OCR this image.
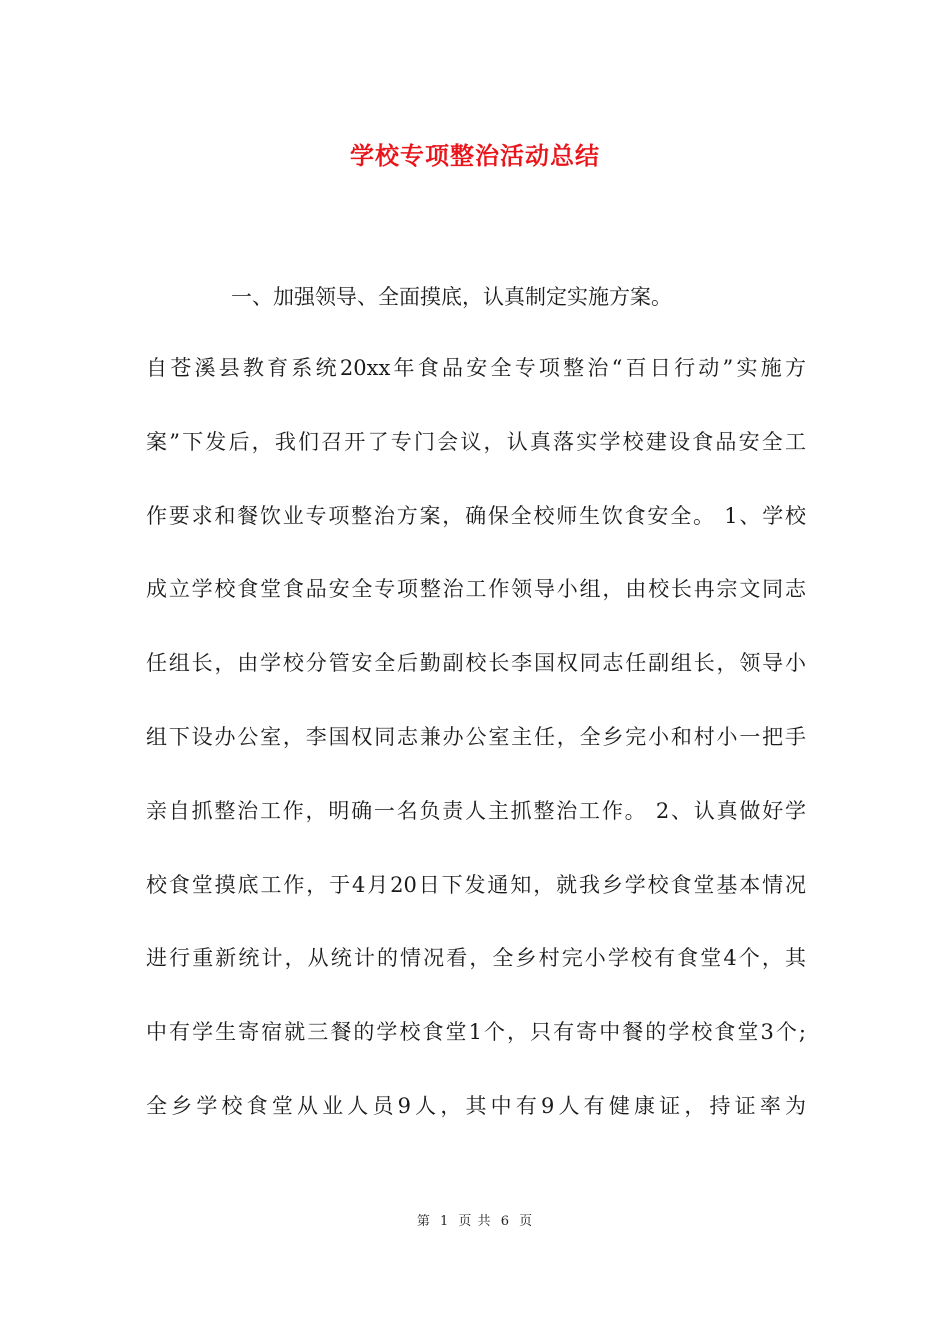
学校专项整治活动总结

一、加强领导、全面摸底，认真制定实施方案。

自苍溪县教育系统20xx年食品安全专项整治“百日行动”实施方
案”下发后，我们召开了专门会议，认真落实学校建设食品安全工
作要求和餐饮业专项整治方案，确保全校师生饮食安全。 1、学校
成立学校食堂食品安全专项整治工作领导小组，由校长冉宗文同志
任组长，由学校分管安全后勤副校长李国权同志任副组长，领导小
组下设办公室，李国权同志兼办公室主任，全乡完小和村小一把手
亲自抓整治工作，明确一名负责人主抓整治工作。 2、认真做好学
校食堂摸底工作，于4月20日下发通知，就我乡学校食堂基本情况
进行重新统计，从统计的情况看，全乡村完小学校有食堂4个，其
中有学生寄宿就三餐的学校食堂1个，只有寄中餐的学校食堂3个;
全乡学校食堂从业人员9人，其中有9人有健康证，持证率为
第 1 页 共 6 页
